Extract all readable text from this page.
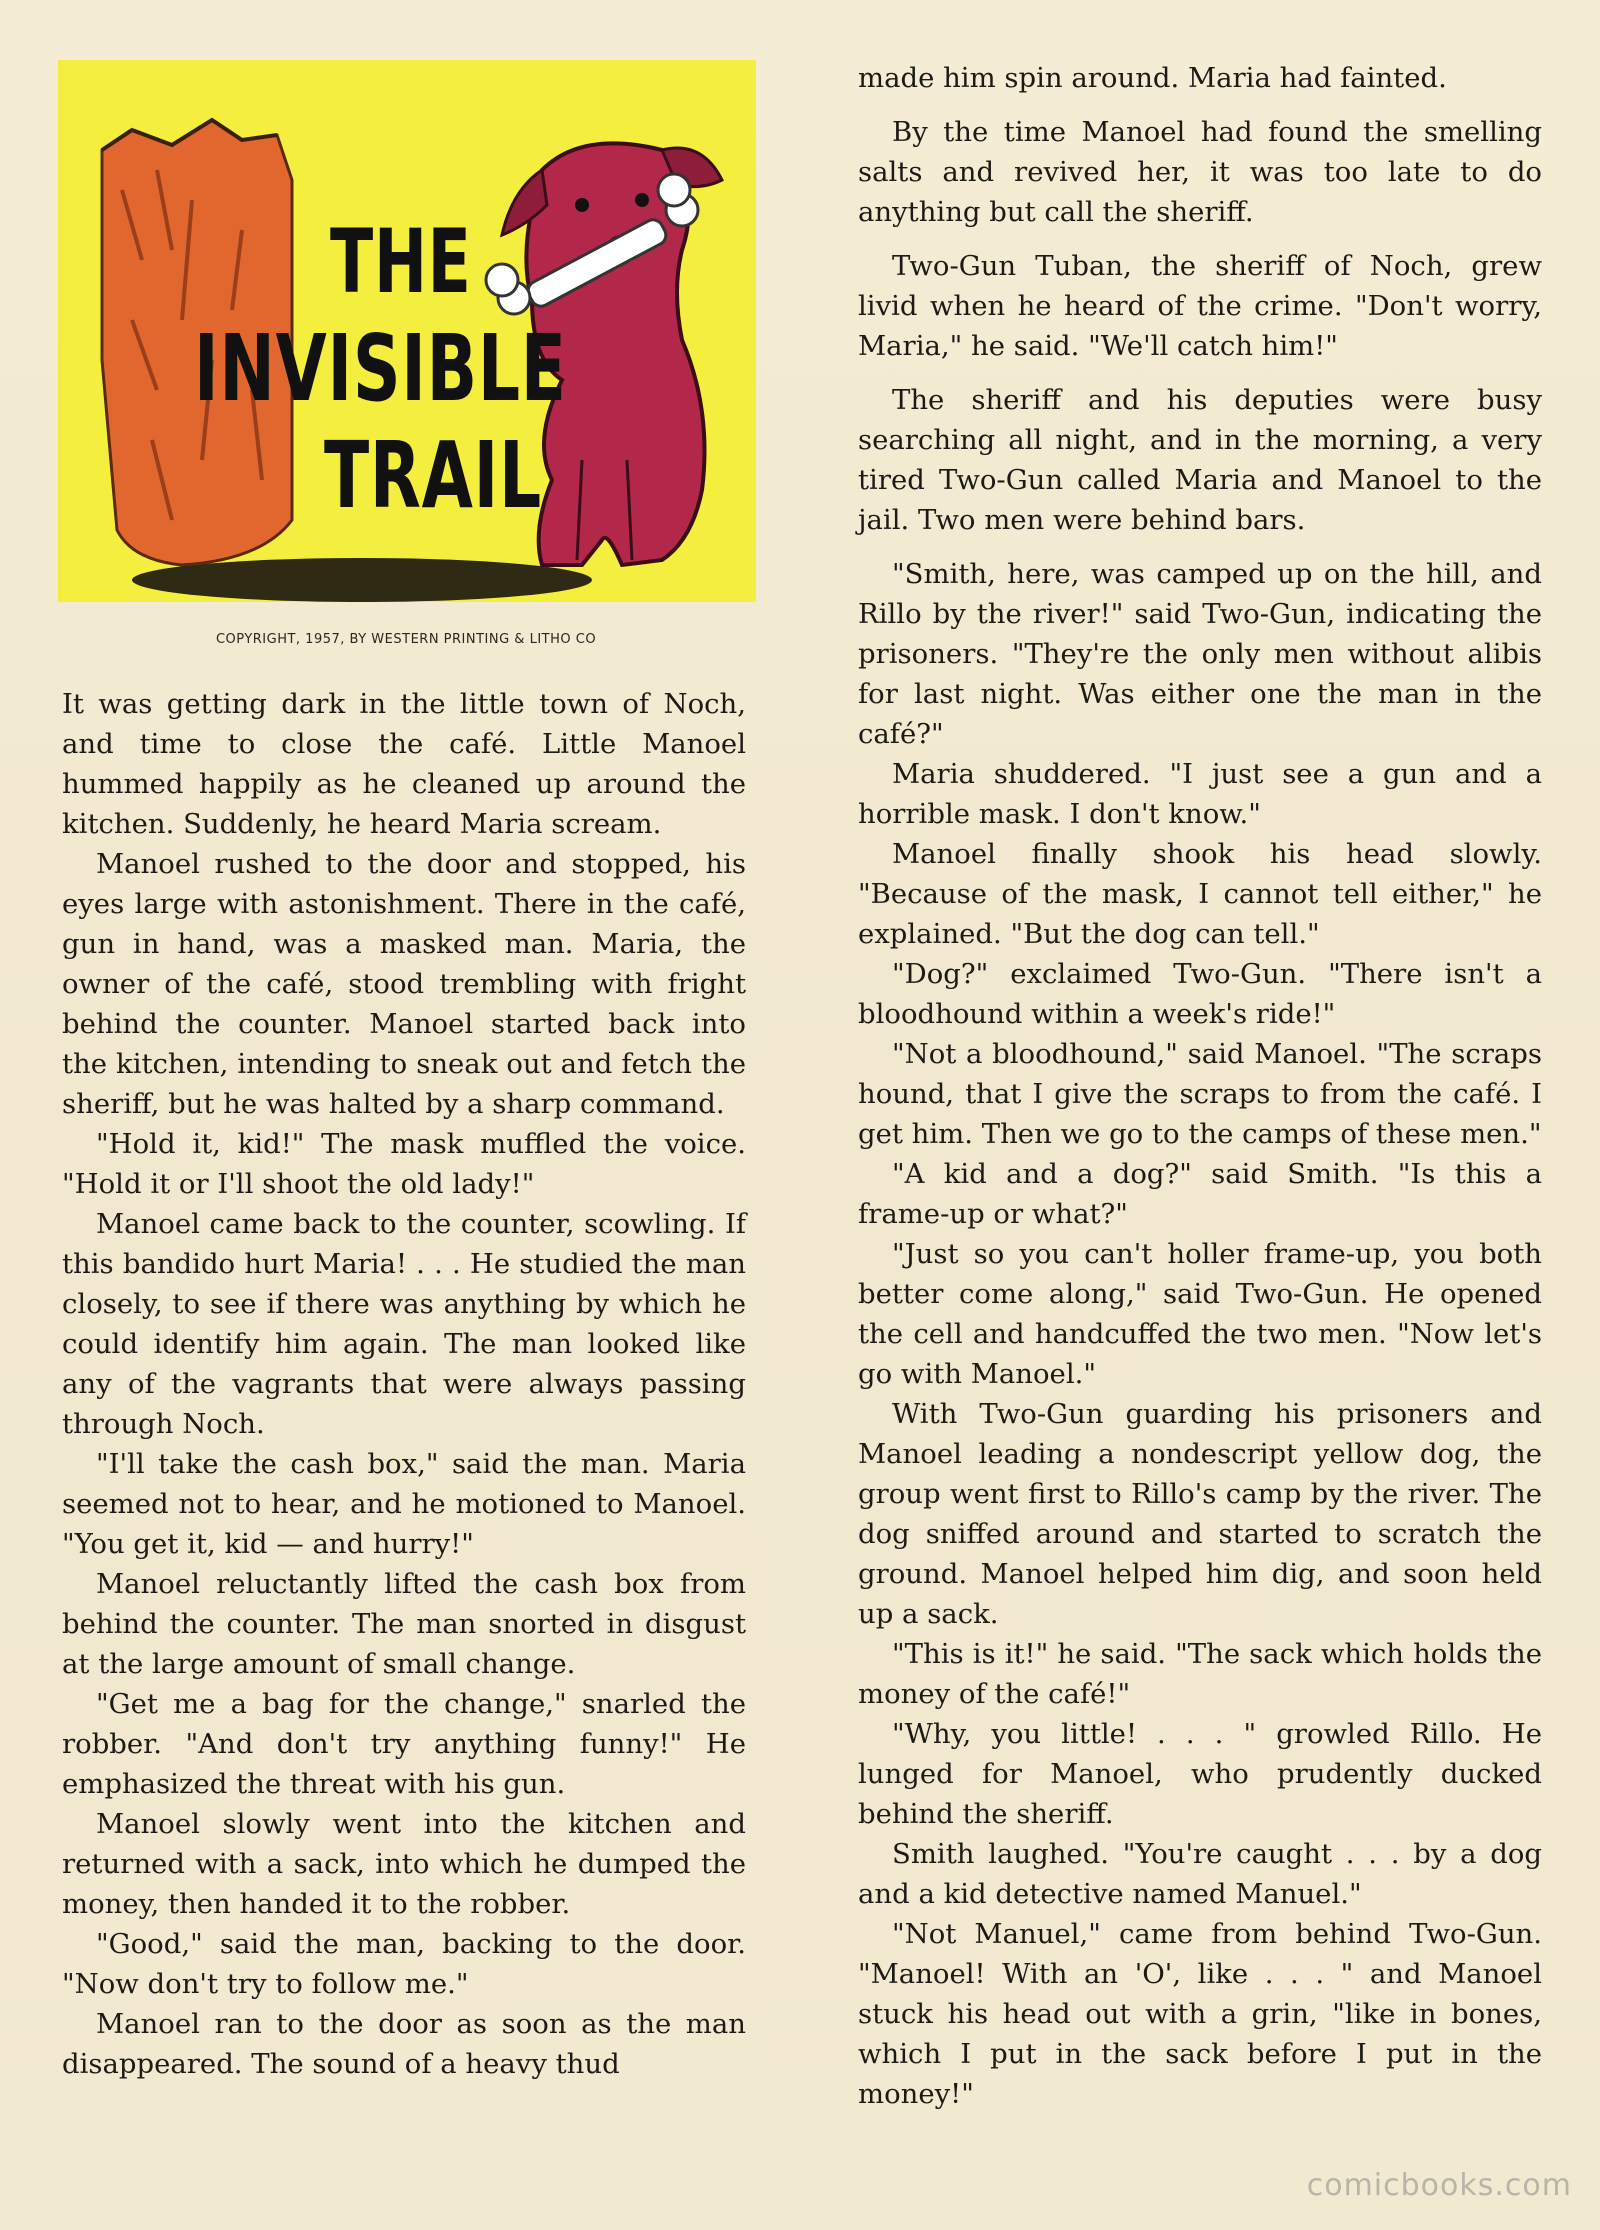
THE
INVISIBLE
TRAIL
COPYRIGHT, 1957, BY WESTERN PRINTING & LITHO CO

It was getting dark in the little town of Noch, and time to close the café. Little Manoel hummed happily as he cleaned up around the kitchen. Suddenly, he heard Maria scream.

Manoel rushed to the door and stopped, his eyes large with astonishment. There in the café, gun in hand, was a masked man. Maria, the owner of the café, stood trembling with fright behind the counter. Manoel started back into the kitchen, intending to sneak out and fetch the sheriff, but he was halted by a sharp command.

"Hold it, kid!" The mask muffled the voice. "Hold it or I'll shoot the old lady!"

Manoel came back to the counter, scowling. If this bandido hurt Maria! . . . He studied the man closely, to see if there was anything by which he could identify him again. The man looked like any of the vagrants that were always passing through Noch.

"I'll take the cash box," said the man. Maria seemed not to hear, and he motioned to Manoel. "You get it, kid — and hurry!"

Manoel reluctantly lifted the cash box from behind the counter. The man snorted in disgust at the large amount of small change.

"Get me a bag for the change," snarled the robber. "And don't try anything funny!" He emphasized the threat with his gun.

Manoel slowly went into the kitchen and returned with a sack, into which he dumped the money, then handed it to the robber.

"Good," said the man, backing to the door. "Now don't try to follow me."

Manoel ran to the door as soon as the man disappeared. The sound of a heavy thud

made him spin around. Maria had fainted.

By the time Manoel had found the smelling salts and revived her, it was too late to do anything but call the sheriff.

Two-Gun Tuban, the sheriff of Noch, grew livid when he heard of the crime. "Don't worry, Maria," he said. "We'll catch him!"

The sheriff and his deputies were busy searching all night, and in the morning, a very tired Two-Gun called Maria and Manoel to the jail. Two men were behind bars.

"Smith, here, was camped up on the hill, and Rillo by the river!" said Two-Gun, indicating the prisoners. "They're the only men without alibis for last night. Was either one the man in the café?"

Maria shuddered. "I just see a gun and a horrible mask. I don't know."

Manoel finally shook his head slowly. "Because of the mask, I cannot tell either," he explained. "But the dog can tell."

"Dog?" exclaimed Two-Gun. "There isn't a bloodhound within a week's ride!"

"Not a bloodhound," said Manoel. "The scraps hound, that I give the scraps to from the café. I get him. Then we go to the camps of these men."

"A kid and a dog?" said Smith. "Is this a frame-up or what?"

"Just so you can't holler frame-up, you both better come along," said Two-Gun. He opened the cell and handcuffed the two men. "Now let's go with Manoel."

With Two-Gun guarding his prisoners and Manoel leading a nondescript yellow dog, the group went first to Rillo's camp by the river. The dog sniffed around and started to scratch the ground. Manoel helped him dig, and soon held up a sack.

"This is it!" he said. "The sack which holds the money of the café!"

"Why, you little! . . . " growled Rillo. He lunged for Manoel, who prudently ducked behind the sheriff.

Smith laughed. "You're caught . . . by a dog and a kid detective named Manuel."

"Not Manuel," came from behind Two-Gun. "Manoel! With an 'O', like . . . " and Manoel stuck his head out with a grin, "like in bones, which I put in the sack before I put in the money!"

comicbooks.com
